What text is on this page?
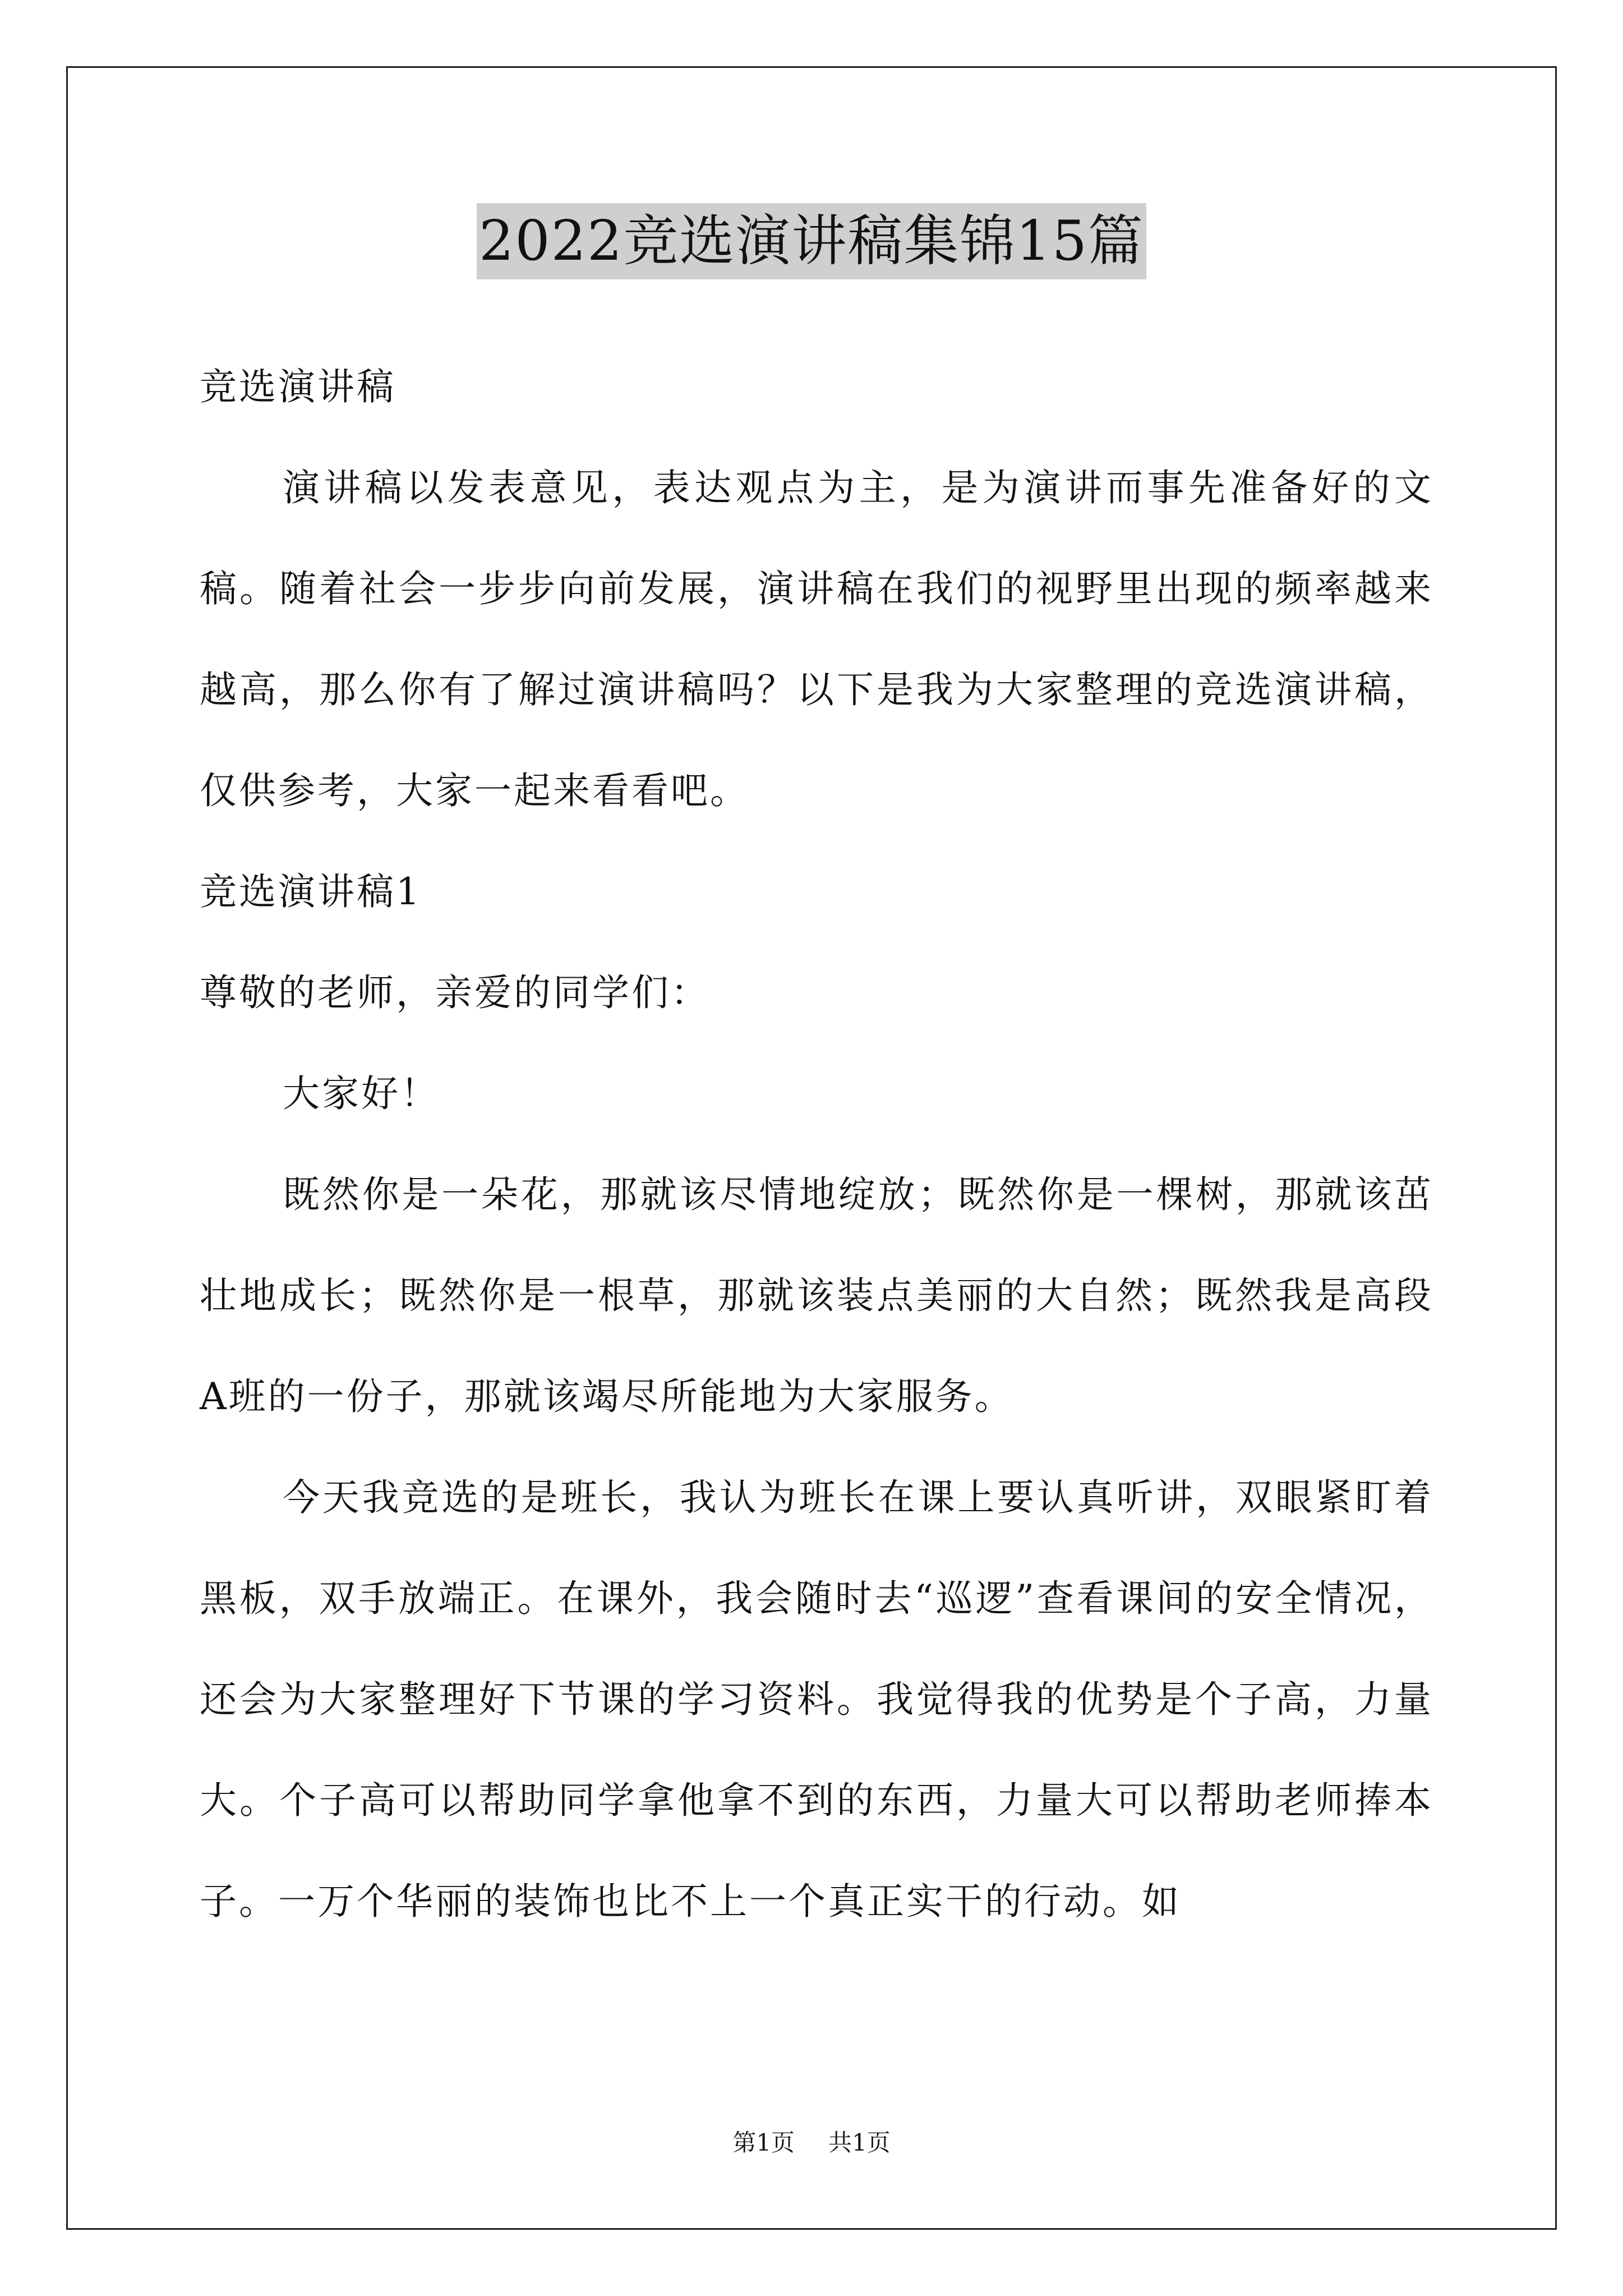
2022竞选演讲稿集锦15篇

竞选演讲稿

演讲稿以发表意见，表达观点为主，是为演讲而事先准备好的文稿。随着社会一步步向前发展，演讲稿在我们的视野里出现的频率越来越高，那么你有了解过演讲稿吗？以下是我为大家整理的竞选演讲稿，仅供参考，大家一起来看看吧。

竞选演讲稿1

尊敬的老师，亲爱的同学们：

大家好！

既然你是一朵花，那就该尽情地绽放；既然你是一棵树，那就该茁壮地成长；既然你是一根草，那就该装点美丽的大自然；既然我是高段A班的一份子，那就该竭尽所能地为大家服务。

今天我竞选的是班长，我认为班长在课上要认真听讲，双眼紧盯着黑板，双手放端正。在课外，我会随时去“巡逻”查看课间的安全情况，还会为大家整理好下节课的学习资料。我觉得我的优势是个子高，力量大。个子高可以帮助同学拿他拿不到的东西，力量大可以帮助老师捧本子。一万个华丽的装饰也比不上一个真正实干的行动。如

第1页 共1页
